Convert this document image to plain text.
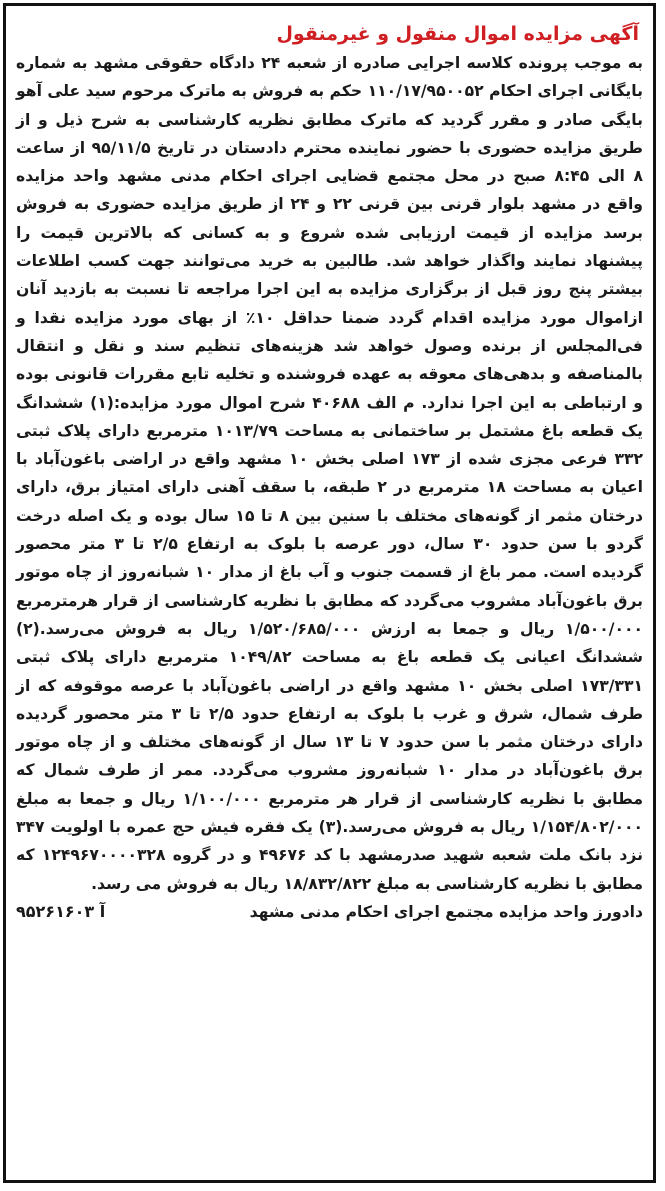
آگهی مزایده اموال منقول و غیرمنقول

به موجب پرونده کلاسه اجرایی صادره از شعبه ۲۴ دادگاه حقوقی مشهد به شماره بایگانی اجرای احکام ۱۱۰/۱۷/۹۵۰۰۵۲ حکم به فروش به ماترک مرحوم سید علی آهو بایگی صادر و مقرر گردید که ماترک مطابق نظریه کارشناسی به شرح ذیل و از طریق مزایده حضوری با حضور نماینده محترم دادستان در تاریخ ۹۵/۱۱/۵ از ساعت ۸ الی ۸:۴۵ صبح در محل مجتمع قضایی اجرای احکام مدنی مشهد واحد مزایده واقع در مشهد بلوار قرنی بین قرنی ۲۲ و ۲۴ از طریق مزایده حضوری به فروش برسد مزایده از قیمت ارزیابی شده شروع و به کسانی که بالاترین قیمت را پیشنهاد نمایند واگذار خواهد شد. طالبین به خرید می‌توانند جهت کسب اطلاعات بیشتر پنج روز قبل از برگزاری مزایده به این اجرا مراجعه تا نسبت به بازدید آنان ازاموال مورد مزایده اقدام گردد ضمنا حداقل ۱۰٪ از بهای مورد مزایده نقدا و فی‌المجلس از برنده وصول خواهد شد هزینه‌های تنظیم سند و نقل و انتقال بالمناصفه و بدهی‌های معوقه به عهده فروشنده و تخلیه تابع مقررات قانونی بوده و ارتباطی به این اجرا ندارد. م الف ۴۰۶۸۸ شرح اموال مورد مزایده:(۱) ششدانگ یک قطعه باغ مشتمل بر ساختمانی به مساحت ۱۰۱۳/۷۹ مترمربع دارای پلاک ثبتی ۳۳۲ فرعی مجزی شده از ۱۷۳ اصلی بخش ۱۰ مشهد واقع در اراضی باغون‌آباد با اعیان به مساحت ۱۸ مترمربع در ۲ طبقه، با سقف آهنی دارای امتیاز برق، دارای درختان مثمر از گونه‌های مختلف با سنین بین ۸ تا ۱۵ سال بوده و یک اصله درخت گردو با سن حدود ۳۰ سال، دور عرصه با بلوک به ارتفاع ۲/۵ تا ۳ متر محصور گردیده است. ممر باغ از قسمت جنوب و آب باغ از مدار ۱۰ شبانه‌روز از چاه موتور برق باغون‌آباد مشروب می‌گردد که مطابق با نظریه کارشناسی از قرار هرمترمربع ۱/۵۰۰/۰۰۰ ریال و جمعا به ارزش ۱/۵۲۰/۶۸۵/۰۰۰ ریال به فروش می‌رسد.(۲) ششدانگ اعیانی یک قطعه باغ به مساحت ۱۰۴۹/۸۲ مترمربع دارای پلاک ثبتی ۱۷۳/۳۳۱ اصلی بخش ۱۰ مشهد واقع در اراضی باغون‌آباد با عرصه موقوفه که از طرف شمال، شرق و غرب با بلوک به ارتفاع حدود ۲/۵ تا ۳ متر محصور گردیده دارای درختان مثمر با سن حدود ۷ تا ۱۳ سال از گونه‌های مختلف و از چاه موتور برق باغون‌آباد در مدار ۱۰ شبانه‌روز مشروب می‌گردد. ممر از طرف شمال که مطابق با نظریه کارشناسی از قرار هر مترمربع ۱/۱۰۰/۰۰۰ ریال و جمعا به مبلغ ۱/۱۵۴/۸۰۲/۰۰۰ ریال به فروش می‌رسد.(۳) یک فقره فیش حج عمره با اولویت ۳۴۷ نزد بانک ملت شعبه شهید صدرمشهد با کد ۴۹۶۷۶ و در گروه ۱۲۴۹۶۷۰۰۰۰۳۲۸ که مطابق با نظریه کارشناسی به مبلغ ۱۸/۸۳۲/۸۲۲ ریال به فروش می رسد.

دادورز واحد مزایده مجتمع اجرای احکام مدنی مشهد
آ ۹۵۲۶۱۶۰۳
